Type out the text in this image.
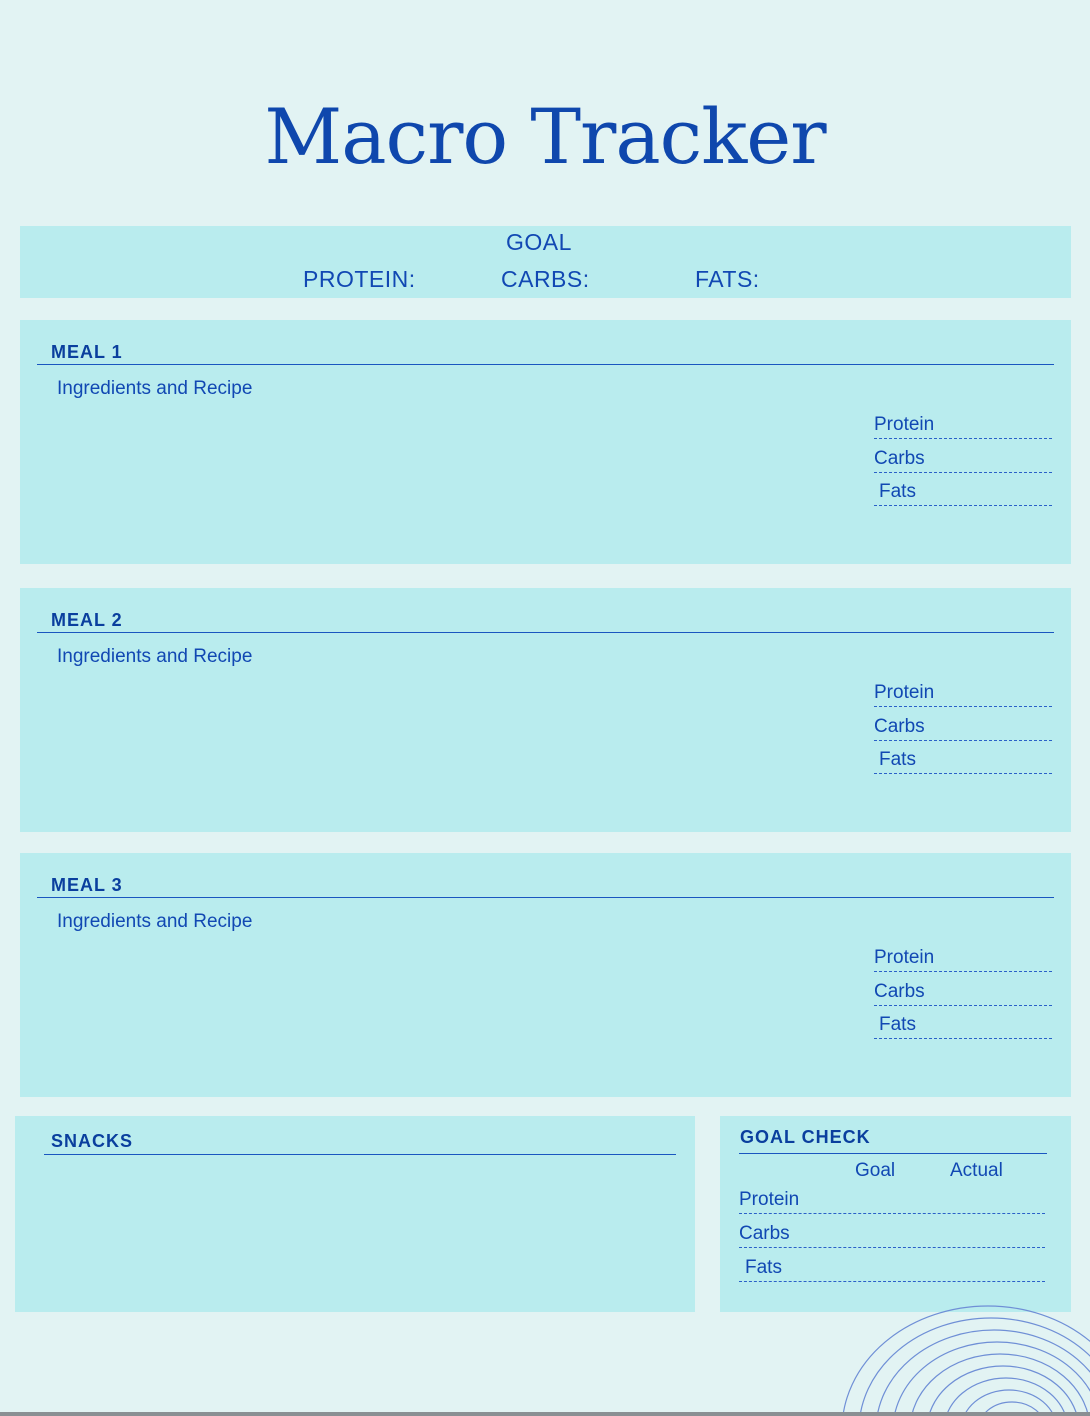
Macro Tracker
GOAL
PROTEIN:	CARBS:	FATS:
MEAL 1
Ingredients and Recipe
Protein
Carbs
Fats
MEAL 2
Ingredients and Recipe
Protein
Carbs
Fats
MEAL 3
Ingredients and Recipe
Protein
Carbs
Fats
SNACKS	GOAL CHECK
Goal	Actual
Protein
Carbs
Fats
